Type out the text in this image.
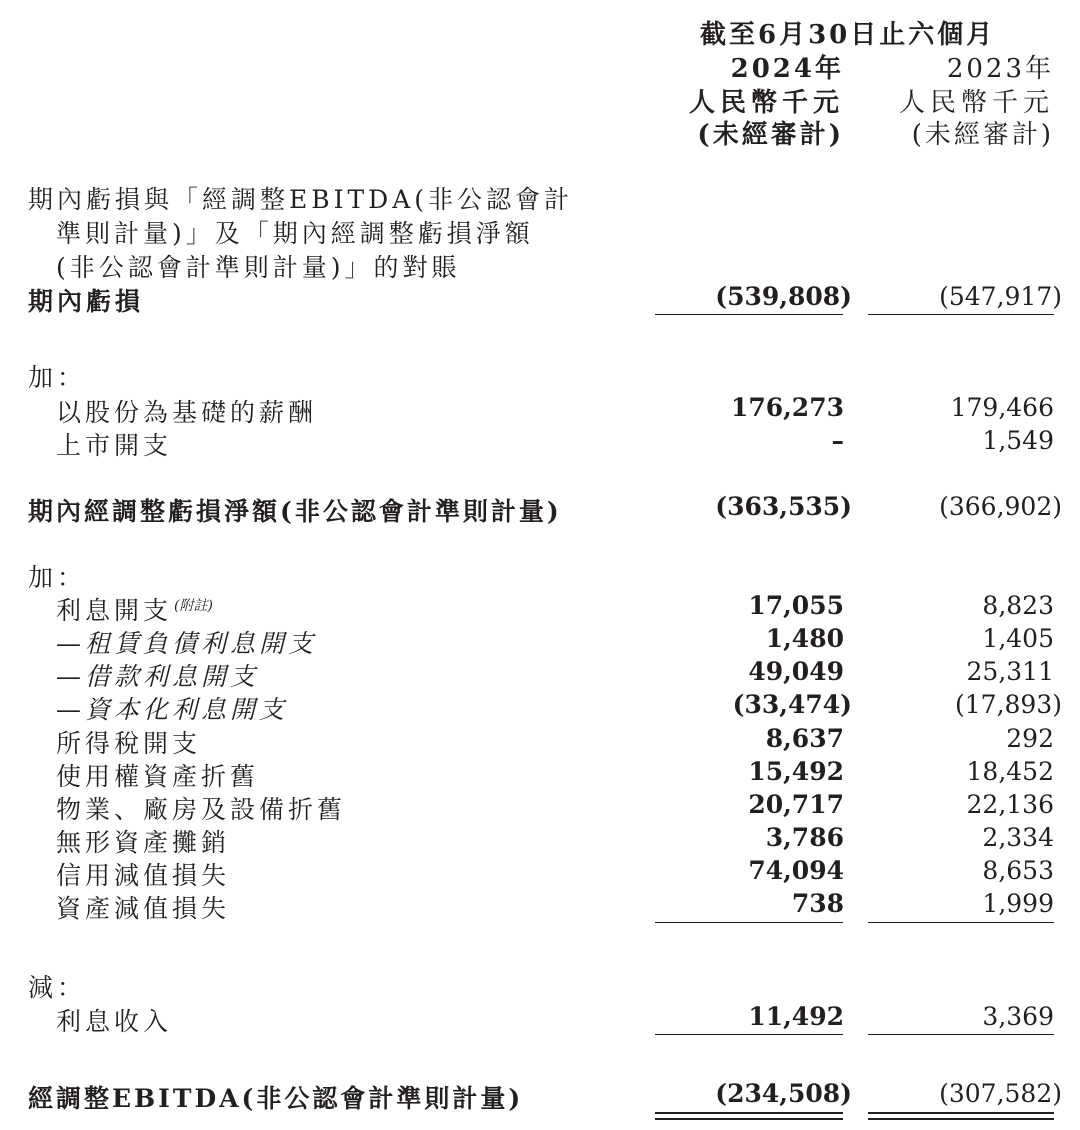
截至6月30日止六個月
2024年	2023年
人民幣千元 人民幣千元
(未經審計)	(未經審計)
期內虧損與「經調整EBITDA(非公認會計
準則計量)」及「期內經調整虧損淨額
(非公認會計準則計量)」的對賬
期內虧損	(539,808)	(547,917)
加：
以股份為基礎的薪酬	176,273	179,466
上市開支	–	1,549
期內經調整虧損淨額(非公認會計準則計量)	(363,535)	(366,902)
加：
利息開支 $^{(附註)}$	17,055	8,823
—租賃負債利息開支	1,480	1,405
—借款利息開支	49,049	25,311
—資本化利息開支	(33,474)	(17,893)
所得稅開支	8,637	292
使用權資產折舊	15,492	18,452
物業、廠房及設備折舊	20,717	22,136
無形資產攤銷	3,786	2,334
信用減值損失	74,094	8,653
資產減值損失	738	1,999
減：
利息收入	11,492	3,369
經調整EBITDA(非公認會計準則計量)	(234,508)	(307,582)
